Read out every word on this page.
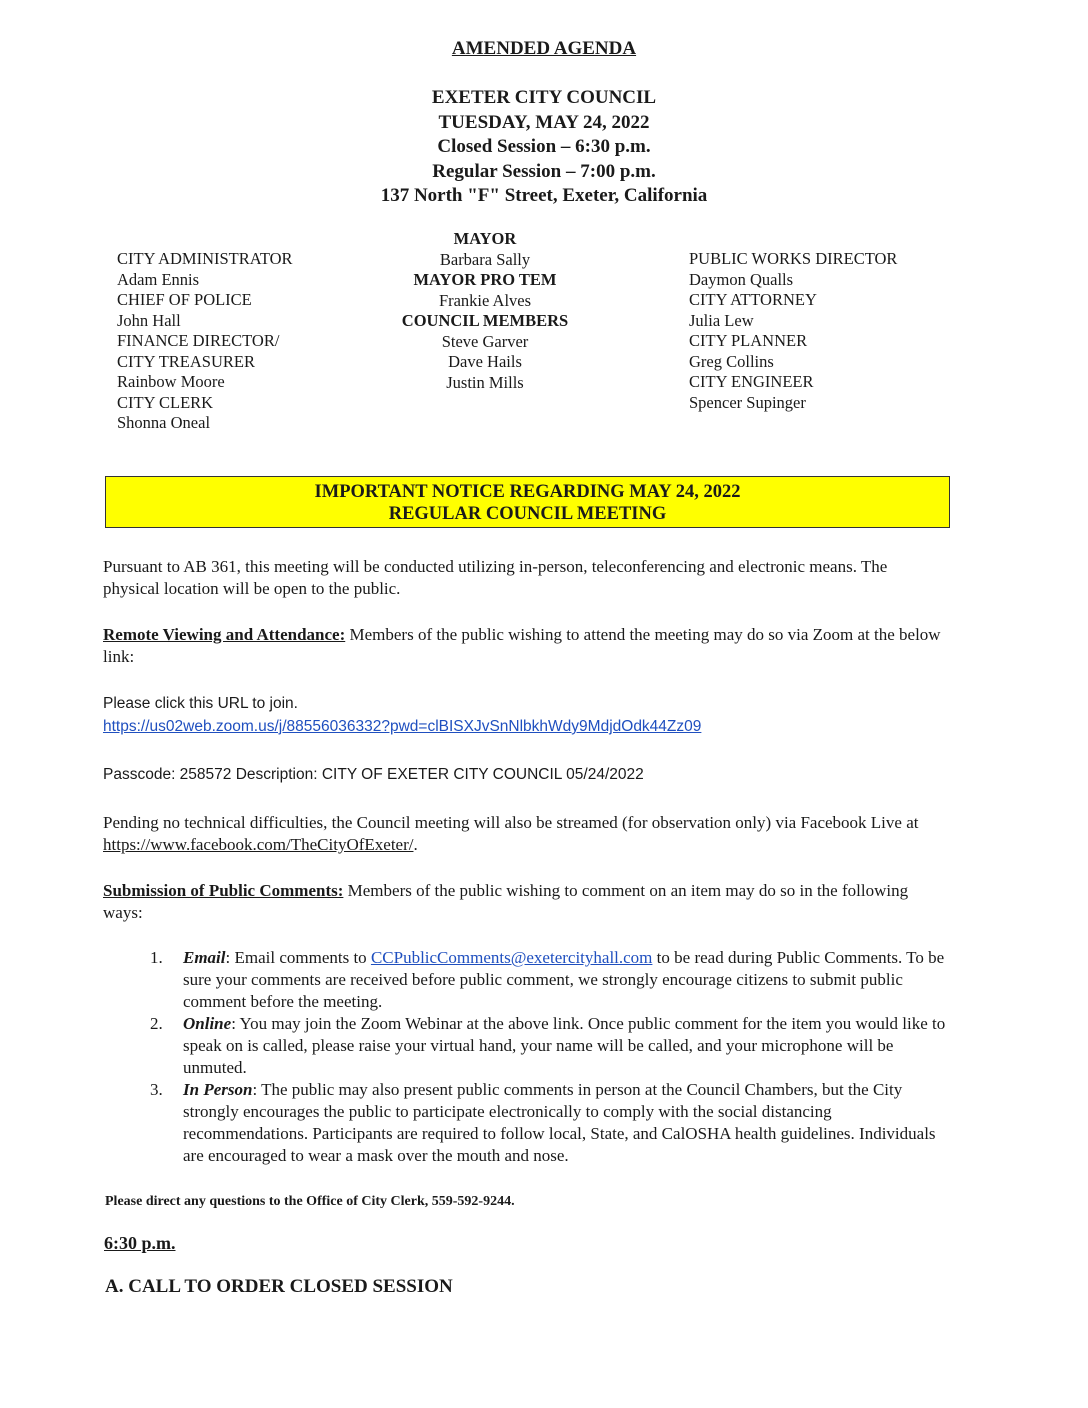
AMENDED AGENDA
EXETER CITY COUNCIL
TUESDAY, MAY 24, 2022
Closed Session – 6:30 p.m.
Regular Session – 7:00 p.m.
137 North "F" Street, Exeter, California
CITY ADMINISTRATOR
Adam Ennis
CHIEF OF POLICE
John Hall
FINANCE DIRECTOR/
CITY TREASURER
Rainbow Moore
CITY CLERK
Shonna Oneal
MAYOR
Barbara Sally
MAYOR PRO TEM
Frankie Alves
COUNCIL MEMBERS
Steve Garver
Dave Hails
Justin Mills
PUBLIC WORKS DIRECTOR
Daymon Qualls
CITY ATTORNEY
Julia Lew
CITY PLANNER
Greg Collins
CITY ENGINEER
Spencer Supinger
IMPORTANT NOTICE REGARDING MAY 24, 2022
REGULAR COUNCIL MEETING
Pursuant to AB 361, this meeting will be conducted utilizing in-person, teleconferencing and electronic means. The physical location will be open to the public.
Remote Viewing and Attendance: Members of the public wishing to attend the meeting may do so via Zoom at the below link:
Please click this URL to join.
https://us02web.zoom.us/j/88556036332?pwd=clBISXJvSnNlbkhWdy9MdjdOdk44Zz09
Passcode: 258572 Description: CITY OF EXETER CITY COUNCIL 05/24/2022
Pending no technical difficulties, the Council meeting will also be streamed (for observation only) via Facebook Live at https://www.facebook.com/TheCityOfExeter/.
Submission of Public Comments: Members of the public wishing to comment on an item may do so in the following ways:
1. Email: Email comments to CCPublicComments@exetercityhall.com to be read during Public Comments. To be sure your comments are received before public comment, we strongly encourage citizens to submit public comment before the meeting.
2. Online: You may join the Zoom Webinar at the above link. Once public comment for the item you would like to speak on is called, please raise your virtual hand, your name will be called, and your microphone will be unmuted.
3. In Person: The public may also present public comments in person at the Council Chambers, but the City strongly encourages the public to participate electronically to comply with the social distancing recommendations. Participants are required to follow local, State, and CalOSHA health guidelines. Individuals are encouraged to wear a mask over the mouth and nose.
Please direct any questions to the Office of City Clerk, 559-592-9244.
6:30 p.m.
A. CALL TO ORDER CLOSED SESSION
